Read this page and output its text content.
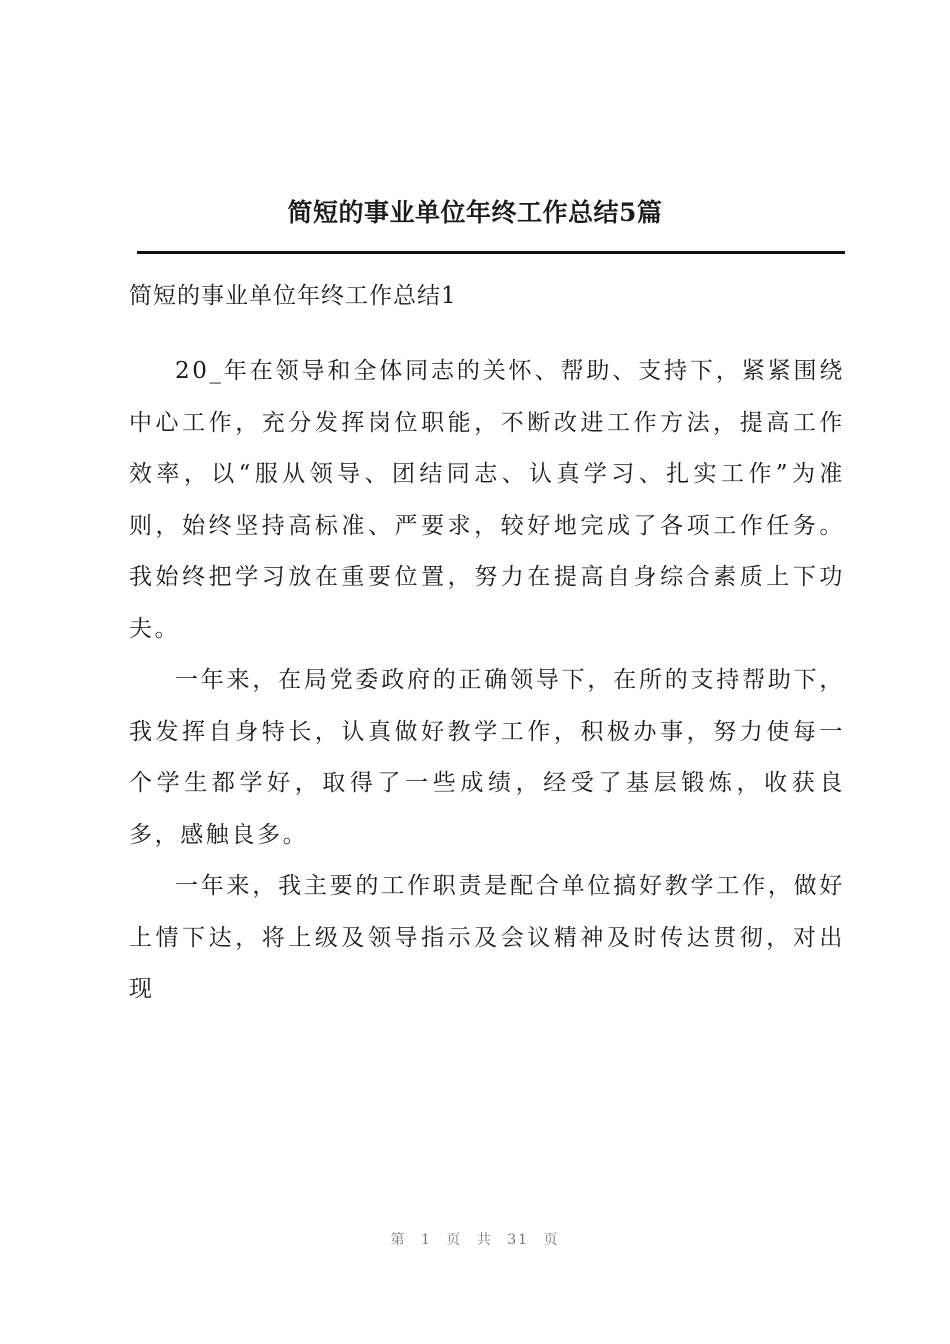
简短的事业单位年终工作总结5篇
简短的事业单位年终工作总结1

20_年在领导和全体同志的关怀、帮助、支持下，紧紧围绕中心工作，充分发挥岗位职能，不断改进工作方法，提高工作效率，以“服从领导、团结同志、认真学习、扎实工作”为准则，始终坚持高标准、严要求，较好地完成了各项工作任务。我始终把学习放在重要位置，努力在提高自身综合素质上下功夫。

一年来，在局党委政府的正确领导下，在所的支持帮助下，我发挥自身特长，认真做好教学工作，积极办事，努力使每一个学生都学好，取得了一些成绩，经受了基层锻炼，收获良多，感触良多。

一年来，我主要的工作职责是配合单位搞好教学工作，做好上情下达，将上级及领导指示及会议精神及时传达贯彻，对出现

第 1 页 共 31 页
